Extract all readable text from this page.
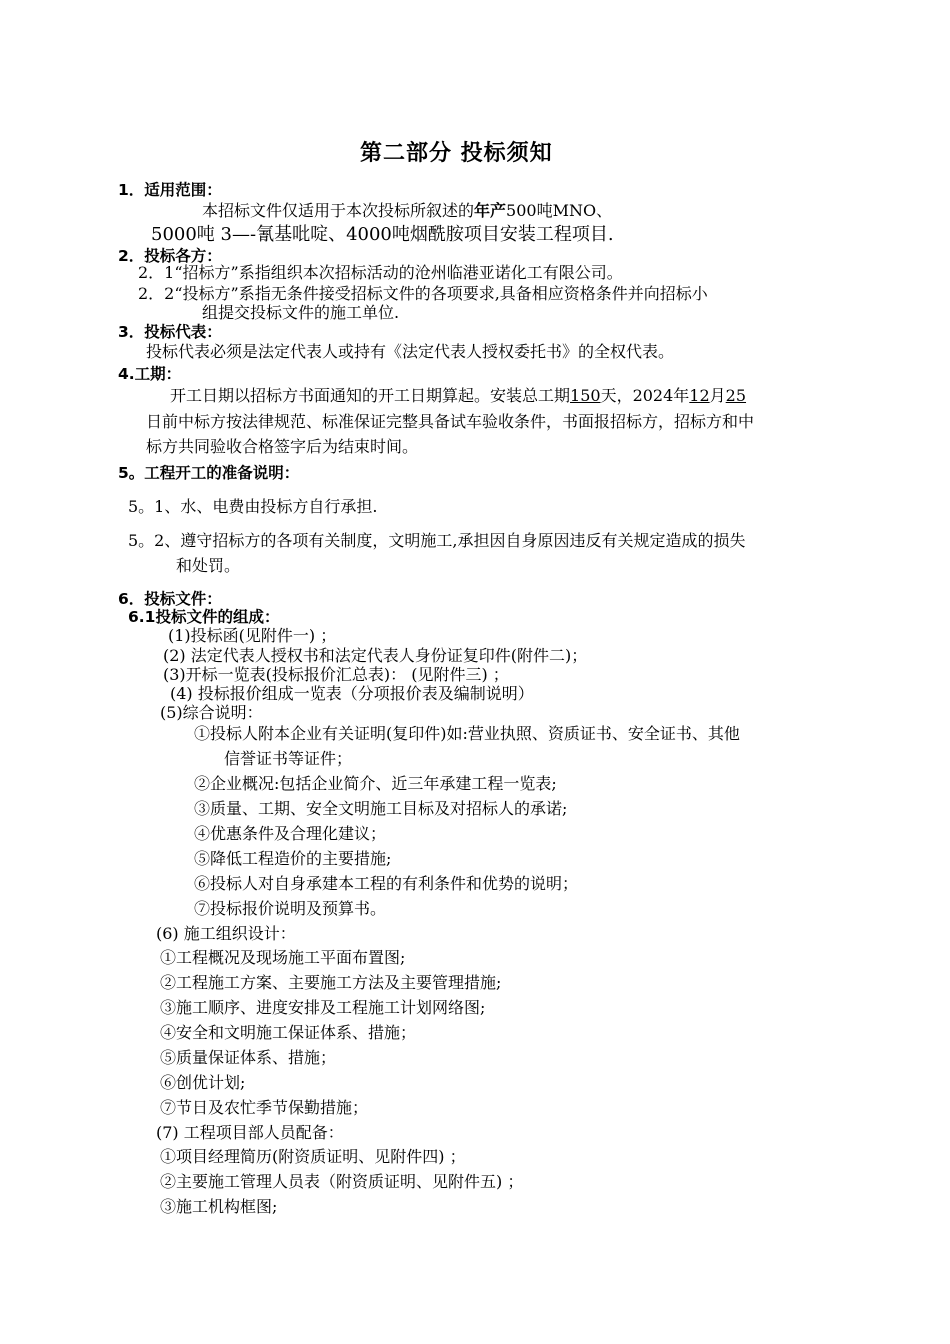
第二部分 投标须知
1．适用范围：
本招标文件仅适用于本次投标所叙述的年产500吨MNO、
5000吨 3—-氰基吡啶、4000吨烟酰胺项目安装工程项目.
2．投标各方：
2．1“招标方”系指组织本次招标活动的沧州临港亚诺化工有限公司。
2．2“投标方”系指无条件接受招标文件的各项要求,具备相应资格条件并向招标小
组提交投标文件的施工单位.
3．投标代表：
投标代表必须是法定代表人或持有《法定代表人授权委托书》的全权代表。
4.工期：
开工日期以招标方书面通知的开工日期算起。安装总工期150天，2024年12月25
日前中标方按法律规范、标准保证完整具备试车验收条件，书面报招标方，招标方和中
标方共同验收合格签字后为结束时间。
5。工程开工的准备说明：
5。1、水、电费由投标方自行承担.
5。2、遵守招标方的各项有关制度，文明施工,承担因自身原因违反有关规定造成的损失
和处罚。
6．投标文件：
6.1投标文件的组成：
(1)投标函(见附件一) ；
(2) 法定代表人授权书和法定代表人身份证复印件(附件二)；
(3)开标一览表(投标报价汇总表)： (见附件三) ；
(4) 投标报价组成一览表（分项报价表及编制说明）
(5)综合说明：
①投标人附本企业有关证明(复印件)如:营业执照、资质证书、安全证书、其他
信誉证书等证件；
②企业概况:包括企业简介、近三年承建工程一览表;
③质量、工期、安全文明施工目标及对招标人的承诺;
④优惠条件及合理化建议；
⑤降低工程造价的主要措施;
⑥投标人对自身承建本工程的有利条件和优势的说明；
⑦投标报价说明及预算书。
(6) 施工组织设计：
①工程概况及现场施工平面布置图;
②工程施工方案、主要施工方法及主要管理措施;
③施工顺序、进度安排及工程施工计划网络图;
④安全和文明施工保证体系、措施；
⑤质量保证体系、措施；
⑥创优计划;
⑦节日及农忙季节保勤措施；
(7) 工程项目部人员配备：
①项目经理简历(附资质证明、见附件四) ；
②主要施工管理人员表（附资质证明、见附件五) ；
③施工机构框图;
